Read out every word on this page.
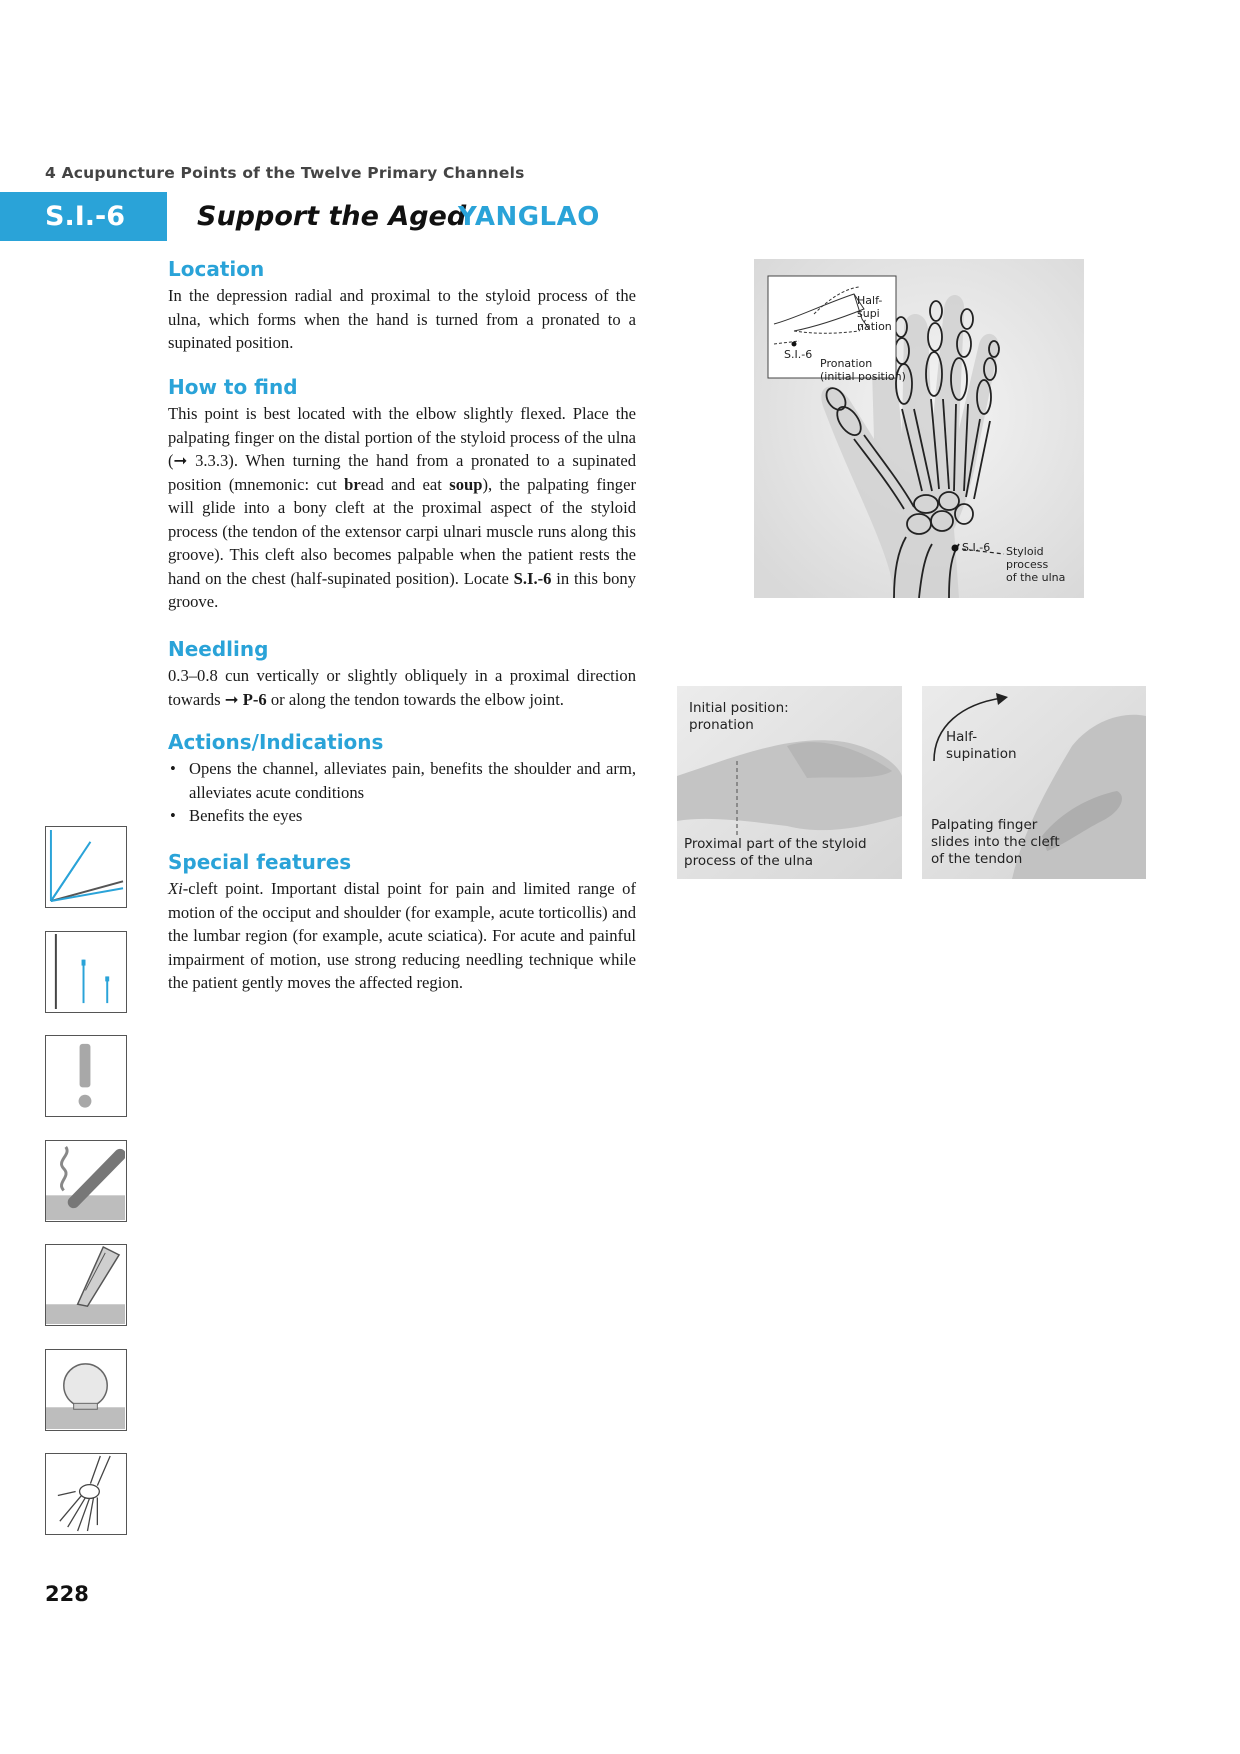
4 Acupuncture Points of the Twelve Primary Channels
S.I.-6	Support the Aged
YANGLAO
Location

In the depression radial and proximal to the styloid process of the ulna, which forms when the hand is turned from a pronated to a supinated position.

How to find

This point is best located with the elbow slightly flexed. Place the palpating finger on the distal portion of the styloid process of the ulna (➞ 3.3.3). When turning the hand from a pronated to a supinated position (mnemonic: cut bread and eat soup), the palpating finger will glide into a bony cleft at the proximal aspect of the styloid process (the tendon of the extensor carpi ulnari muscle runs along this groove). This cleft also becomes palpable when the patient rests the hand on the chest (half-supinated position). Locate S.I.-6 in this bony groove.

Needling

0.3–0.8 cun vertically or slightly obliquely in a proximal direction towards ➞ P-6 or along the tendon towards the elbow joint.

Actions/Indications
• Opens the channel, alleviates pain, benefits the shoulder and arm, alleviates acute conditions
• Benefits the eyes
Special features

Xi-cleft point. Important distal point for pain and limited range of motion of the occiput and shoulder (for example, acute torticollis) and the lumbar region (for example, acute sciatica). For acute and painful impairment of motion, use strong reducing needling technique while the patient gently moves the affected region.

Half-
supi
nation
S.I.-6
Pronation
(initial position)
S.I.-6 Styloid
process
of the ulna
Initial position:
pronation
Proximal part of the styloid
process of the ulna
Half-
supination
Palpating finger
slides into the cleft
of the tendon
228
